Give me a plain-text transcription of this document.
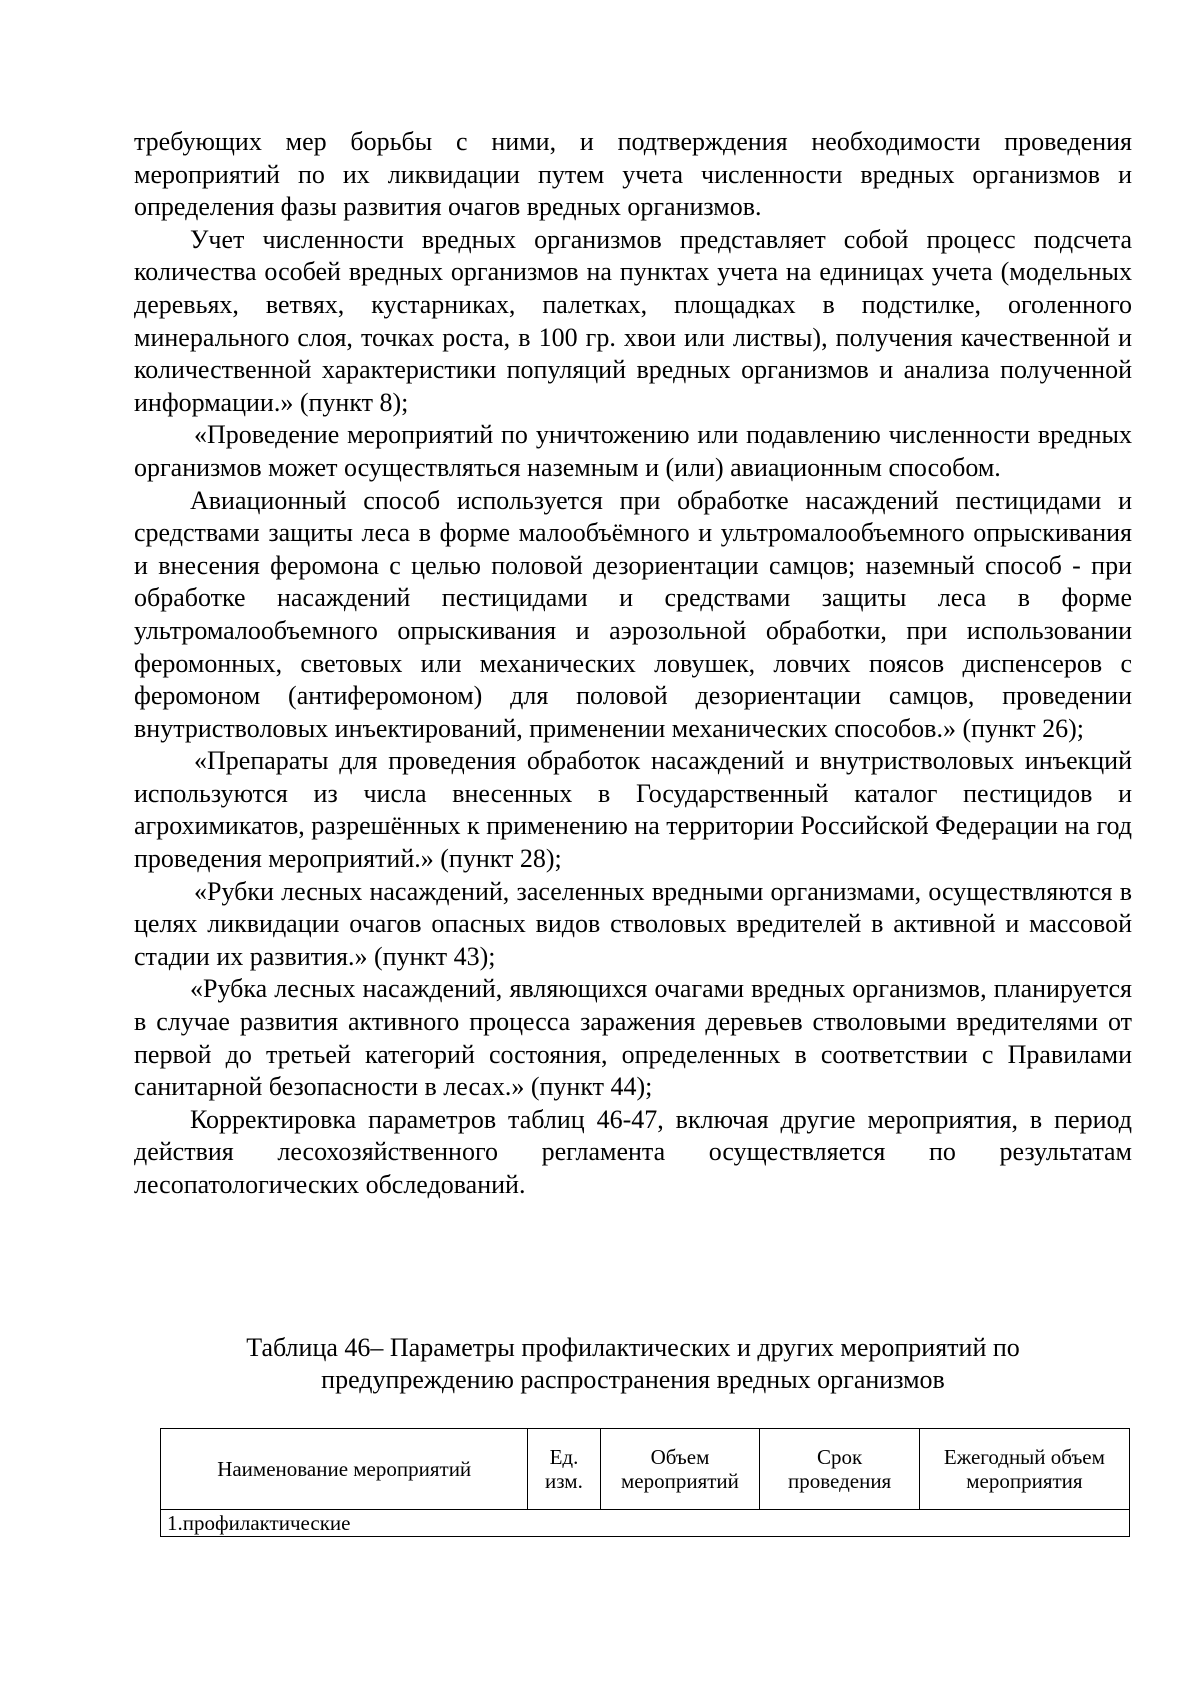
требующих мер борьбы с ними, и подтверждения необходимости проведения мероприятий по их ликвидации путем учета численности вредных организмов и определения фазы развития очагов вредных организмов.

Учет численности вредных организмов представляет собой процесс подсчета количества особей вредных организмов на пунктах учета на единицах учета (модельных деревьях, ветвях, кустарниках, палетках, площадках в подстилке, оголенного минерального слоя, точках роста, в 100 гр. хвои или листвы), получения качественной и количественной характеристики популяций вредных организмов и анализа полученной информации.» (пункт 8);

«Проведение мероприятий по уничтожению или подавлению численности вредных организмов может осуществляться наземным и (или) авиационным способом.

Авиационный способ используется при обработке насаждений пестицидами и средствами защиты леса в форме малообъёмного и ультромалообъемного опрыскивания и внесения феромона с целью половой дезориентации самцов; наземный способ - при обработке насаждений пестицидами и средствами защиты леса в форме ультромалообъемного опрыскивания и аэрозольной обработки, при использовании феромонных, световых или механических ловушек, ловчих поясов диспенсеров с феромоном (антиферомоном) для половой дезориентации самцов, проведении внутристволовых инъектирований, применении механических способов.» (пункт 26);

«Препараты для проведения обработок насаждений и внутристволовых инъекций используются из числа внесенных в Государственный каталог пестицидов и агрохимикатов, разрешённых к применению на территории Российской Федерации на год проведения мероприятий.» (пункт 28);

«Рубки лесных насаждений, заселенных вредными организмами, осуществляются в целях ликвидации очагов опасных видов стволовых вредителей в активной и массовой стадии их развития.» (пункт 43);

«Рубка лесных насаждений, являющихся очагами вредных организмов, планируется в случае развития активного процесса заражения деревьев стволовыми вредителями от первой до третьей категорий состояния, определенных в соответствии с Правилами санитарной безопасности в лесах.» (пункт 44);

Корректировка параметров таблиц 46-47, включая другие мероприятия, в период действия лесохозяйственного регламента осуществляется по результатам лесопатологических обследований.

Таблица 46– Параметры профилактических и других мероприятий по
предупреждению распространения вредных организмов
Наименование мероприятий	Ед. изм.	Объем мероприятий	Срок проведения	Ежегодный объем мероприятия
1.профилактические
